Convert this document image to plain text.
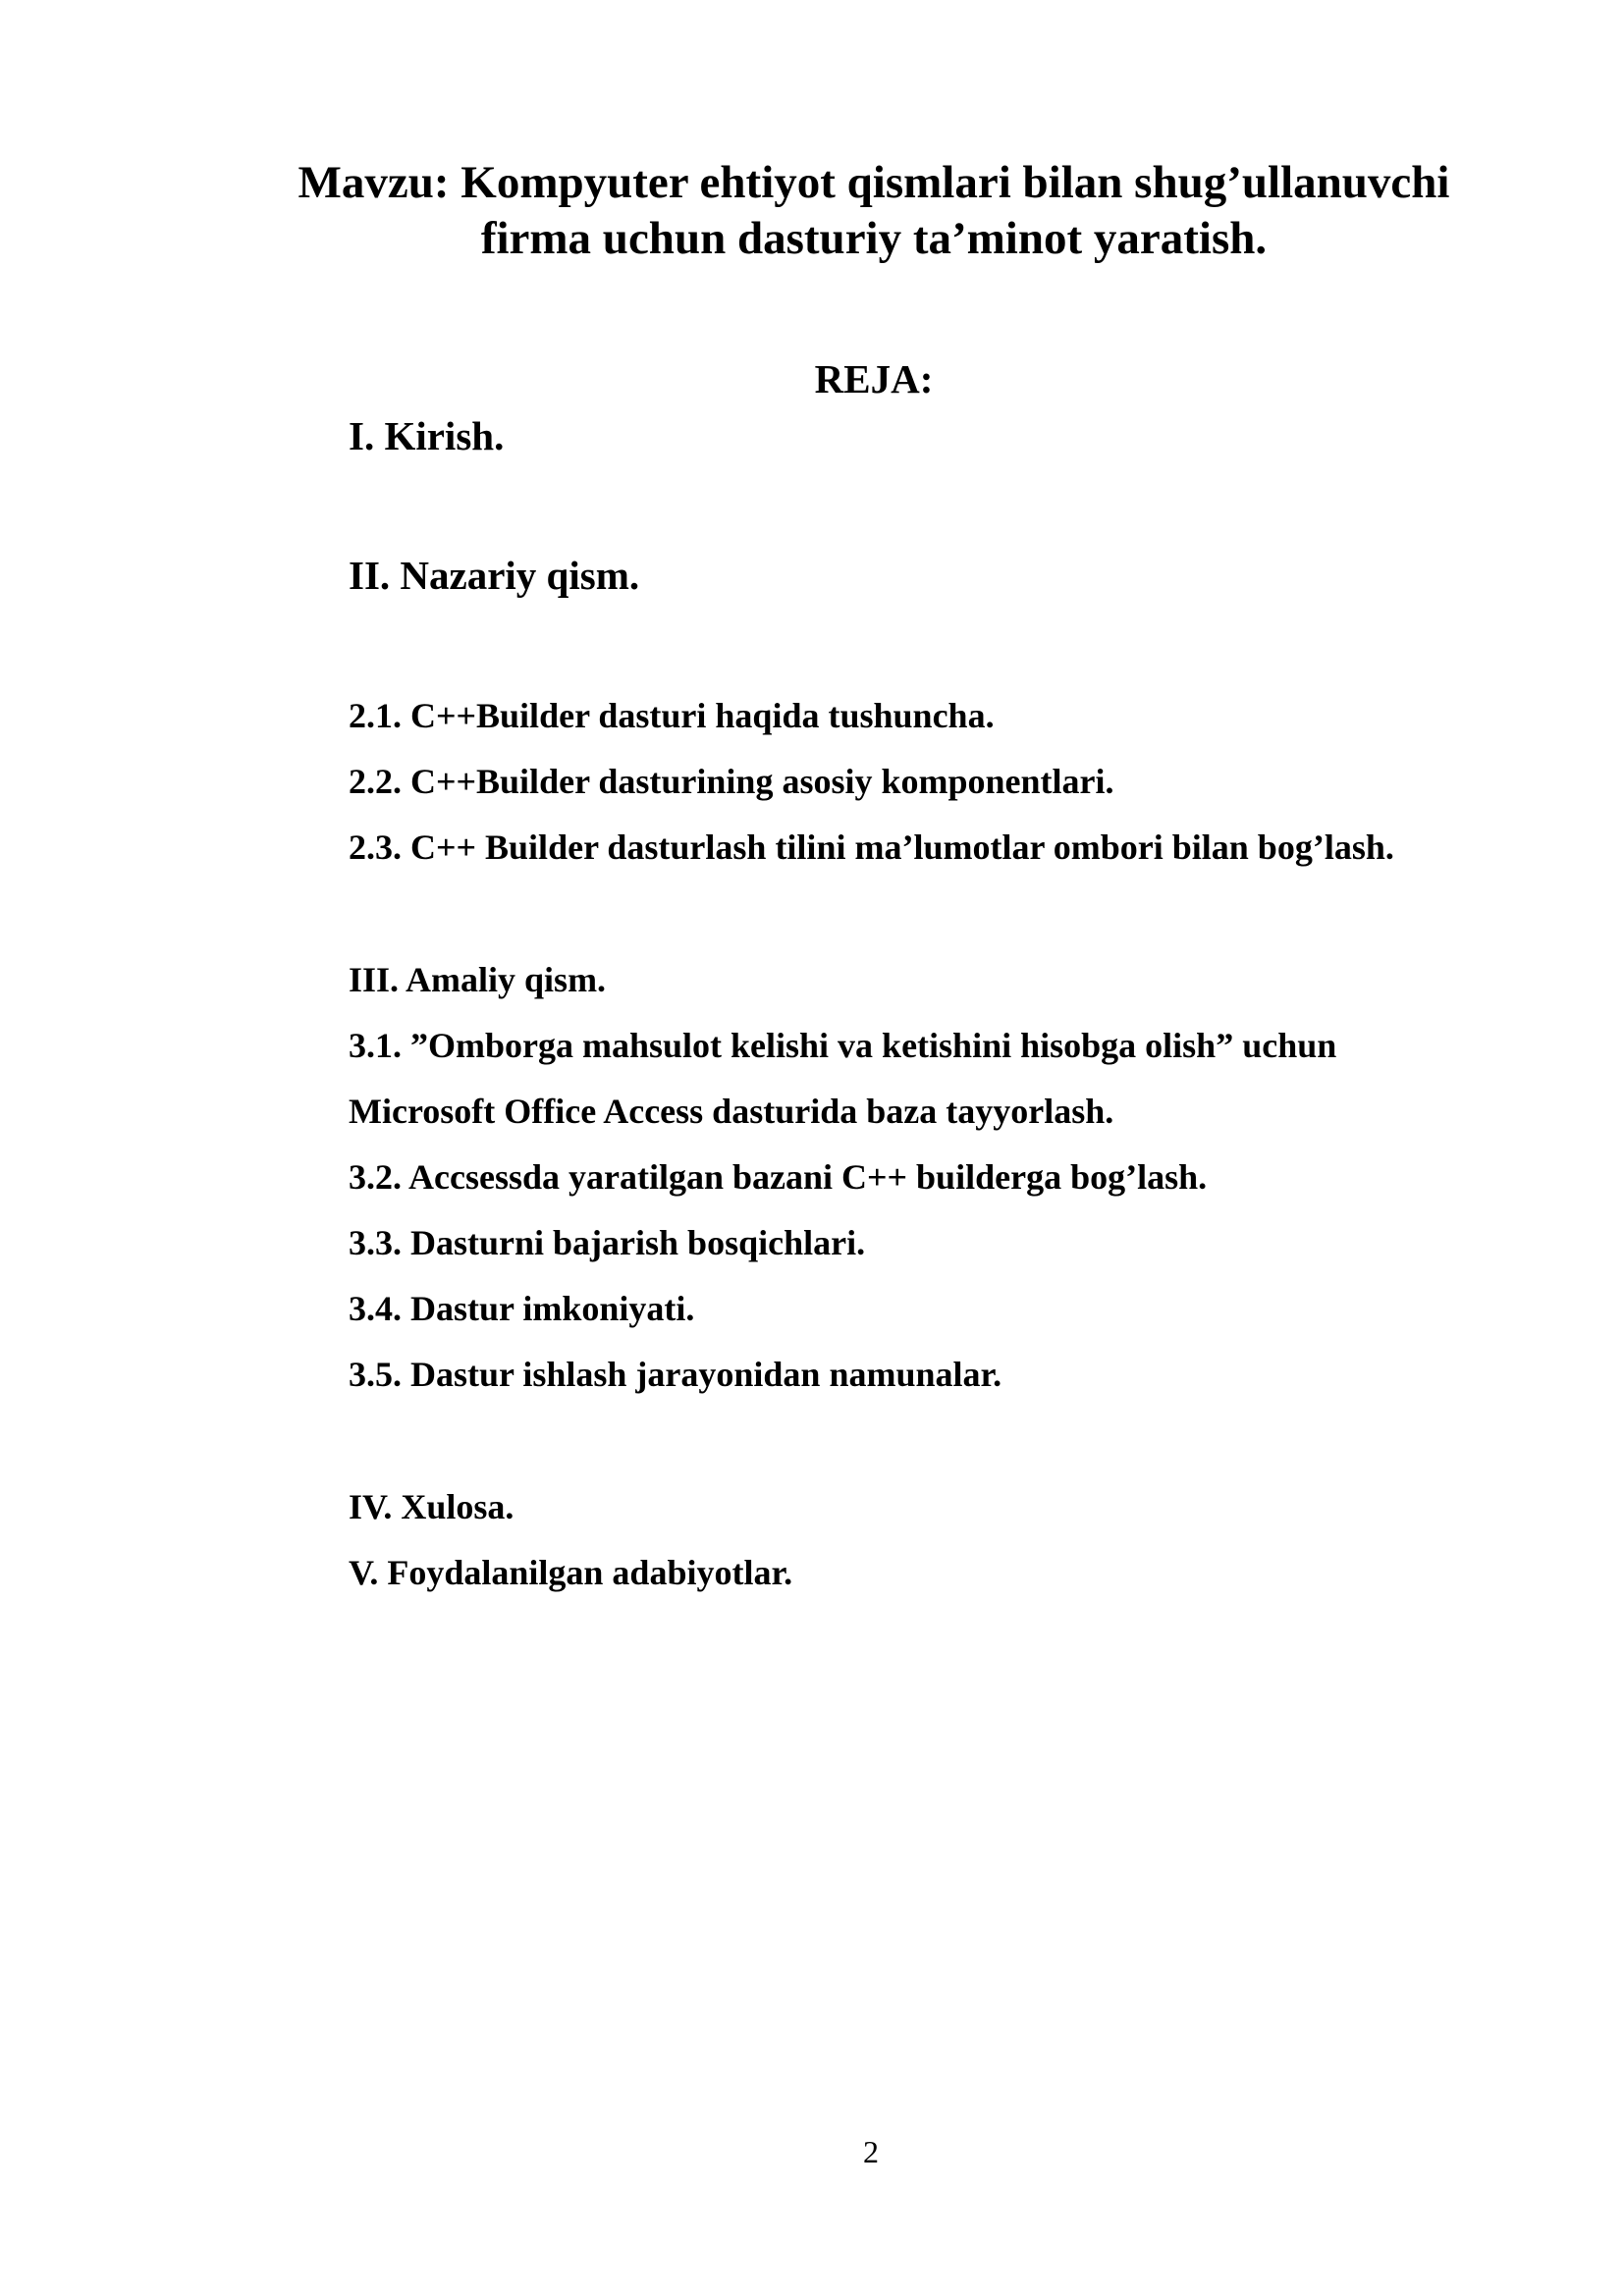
Mavzu: Kompyuter ehtiyot qismlari bilan shug’ullanuvchi
firma uchun dasturiy ta’minot yaratish.
REJA:
I. Kirish.
II. Nazariy qism.
2.1. C++Builder dasturi haqida tushuncha.
2.2. C++Builder dasturining asosiy komponentlari.
2.3. C++ Builder dasturlash tilini ma’lumotlar ombori bilan bog’lash.
III. Amaliy qism.
3.1. ”Omborga mahsulot kelishi va ketishini hisobga olish” uchun
Microsoft Office Access dasturida baza tayyorlash.
3.2. Accsessda yaratilgan bazani C++ builderga bog’lash.
3.3. Dasturni bajarish bosqichlari.
3.4. Dastur imkoniyati.
3.5. Dastur ishlash jarayonidan namunalar.
IV. Xulosa.
V. Foydalanilgan adabiyotlar.
2
